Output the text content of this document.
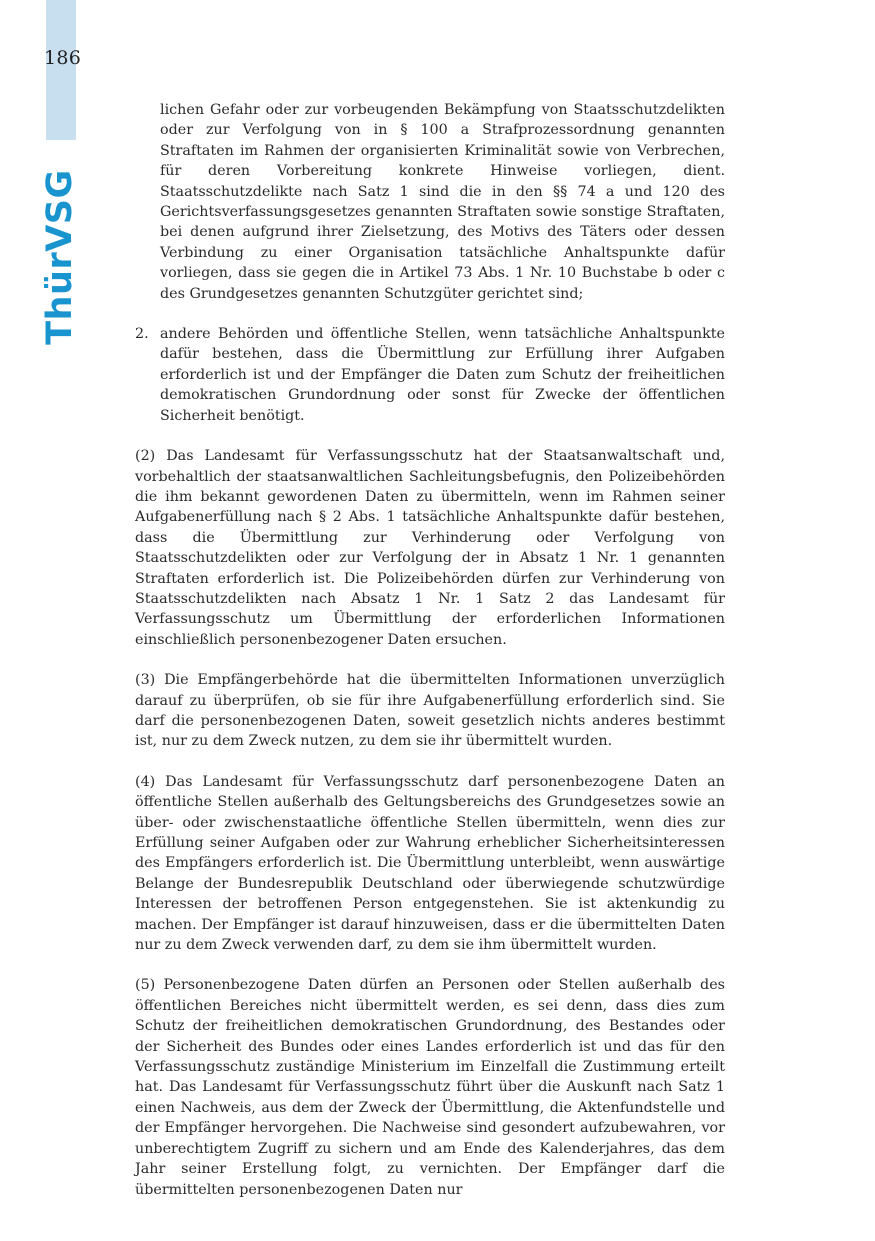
186
ThürVSG

lichen Gefahr oder zur vorbeugenden Bekämpfung von Staatsschutzdelikten oder zur Verfolgung von in § 100 a Strafprozessordnung genannten Straftaten im Rahmen der organisierten Kriminalität sowie von Verbrechen, für deren Vorbereitung konkrete Hinweise vorliegen, dient. Staatsschutzdelikte nach Satz 1 sind die in den §§ 74 a und 120 des Gerichtsverfassungsgesetzes genannten Straftaten sowie sonstige Straftaten, bei denen aufgrund ihrer Zielsetzung, des Motivs des Täters oder dessen Verbindung zu einer Organisation tatsächliche Anhaltspunkte dafür vorliegen, dass sie gegen die in Artikel 73 Abs. 1 Nr. 10 Buchstabe b oder c des Grundgesetzes genannten Schutzgüter gerichtet sind;

2. andere Behörden und öffentliche Stellen, wenn tatsächliche Anhaltspunkte dafür bestehen, dass die Übermittlung zur Erfüllung ihrer Aufgaben erforderlich ist und der Empfänger die Daten zum Schutz der freiheitlichen demokratischen Grundordnung oder sonst für Zwecke der öffentlichen Sicherheit benötigt.

(2) Das Landesamt für Verfassungsschutz hat der Staatsanwaltschaft und, vorbehaltlich der staatsanwaltlichen Sachleitungsbefugnis, den Polizeibehörden die ihm bekannt gewordenen Daten zu übermitteln, wenn im Rahmen seiner Aufgabenerfüllung nach § 2 Abs. 1 tatsächliche Anhaltspunkte dafür bestehen, dass die Übermittlung zur Verhinderung oder Verfolgung von Staatsschutzdelikten oder zur Verfolgung der in Absatz 1 Nr. 1 genannten Straftaten erforderlich ist. Die Polizeibehörden dürfen zur Verhinderung von Staatsschutzdelikten nach Absatz 1 Nr. 1 Satz 2 das Landesamt für Verfassungsschutz um Übermittlung der erforderlichen Informationen einschließlich personenbezogener Daten ersuchen.

(3) Die Empfängerbehörde hat die übermittelten Informationen unverzüglich darauf zu überprüfen, ob sie für ihre Aufgabenerfüllung erforderlich sind. Sie darf die personenbezogenen Daten, soweit gesetzlich nichts anderes bestimmt ist, nur zu dem Zweck nutzen, zu dem sie ihr übermittelt wurden.

(4) Das Landesamt für Verfassungsschutz darf personenbezogene Daten an öffentliche Stellen außerhalb des Geltungsbereichs des Grundgesetzes sowie an über- oder zwischenstaatliche öffentliche Stellen übermitteln, wenn dies zur Erfüllung seiner Aufgaben oder zur Wahrung erheblicher Sicherheitsinteressen des Empfängers erforderlich ist. Die Übermittlung unterbleibt, wenn auswärtige Belange der Bundesrepublik Deutschland oder überwiegende schutzwürdige Interessen der betroffenen Person entgegenstehen. Sie ist aktenkundig zu machen. Der Empfänger ist darauf hinzuweisen, dass er die übermittelten Daten nur zu dem Zweck verwenden darf, zu dem sie ihm übermittelt wurden.

(5) Personenbezogene Daten dürfen an Personen oder Stellen außerhalb des öffentlichen Bereiches nicht übermittelt werden, es sei denn, dass dies zum Schutz der freiheitlichen demokratischen Grundordnung, des Bestandes oder der Sicherheit des Bundes oder eines Landes erforderlich ist und das für den Verfassungsschutz zuständige Ministerium im Einzelfall die Zustimmung erteilt hat. Das Landesamt für Verfassungsschutz führt über die Auskunft nach Satz 1 einen Nachweis, aus dem der Zweck der Übermittlung, die Aktenfundstelle und der Empfänger hervorgehen. Die Nachweise sind gesondert aufzubewahren, vor unberechtigtem Zugriff zu sichern und am Ende des Kalenderjahres, das dem Jahr seiner Erstellung folgt, zu vernichten. Der Empfänger darf die übermittelten personenbezogenen Daten nur
